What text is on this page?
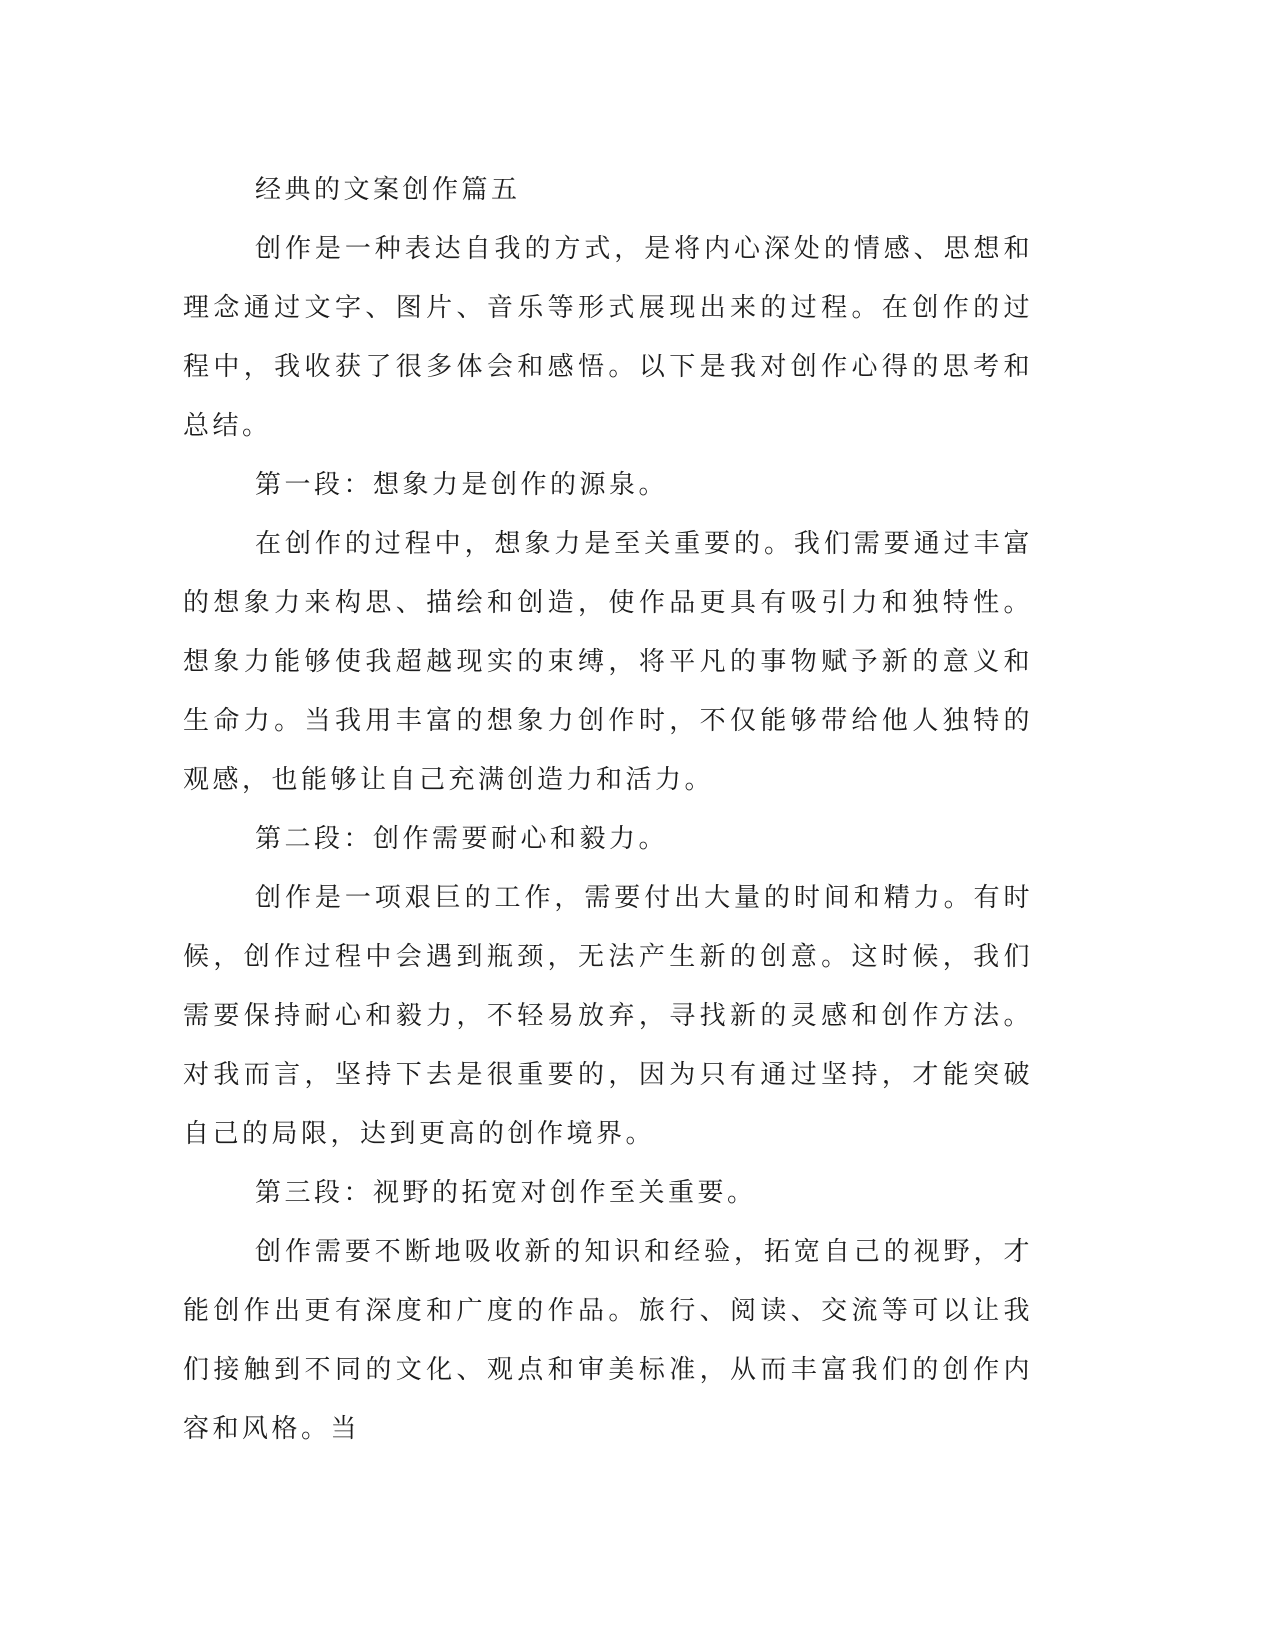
经典的文案创作篇五

创作是一种表达自我的方式，是将内心深处的情感、思想和理念通过文字、图片、音乐等形式展现出来的过程。在创作的过程中，我收获了很多体会和感悟。以下是我对创作心得的思考和总结。

第一段：想象力是创作的源泉。

在创作的过程中，想象力是至关重要的。我们需要通过丰富的想象力来构思、描绘和创造，使作品更具有吸引力和独特性。想象力能够使我超越现实的束缚，将平凡的事物赋予新的意义和生命力。当我用丰富的想象力创作时，不仅能够带给他人独特的观感，也能够让自己充满创造力和活力。

第二段：创作需要耐心和毅力。

创作是一项艰巨的工作，需要付出大量的时间和精力。有时候，创作过程中会遇到瓶颈，无法产生新的创意。这时候，我们需要保持耐心和毅力，不轻易放弃，寻找新的灵感和创作方法。对我而言，坚持下去是很重要的，因为只有通过坚持，才能突破自己的局限，达到更高的创作境界。

第三段：视野的拓宽对创作至关重要。

创作需要不断地吸收新的知识和经验，拓宽自己的视野，才能创作出更有深度和广度的作品。旅行、阅读、交流等可以让我们接触到不同的文化、观点和审美标准，从而丰富我们的创作内容和风格。当
